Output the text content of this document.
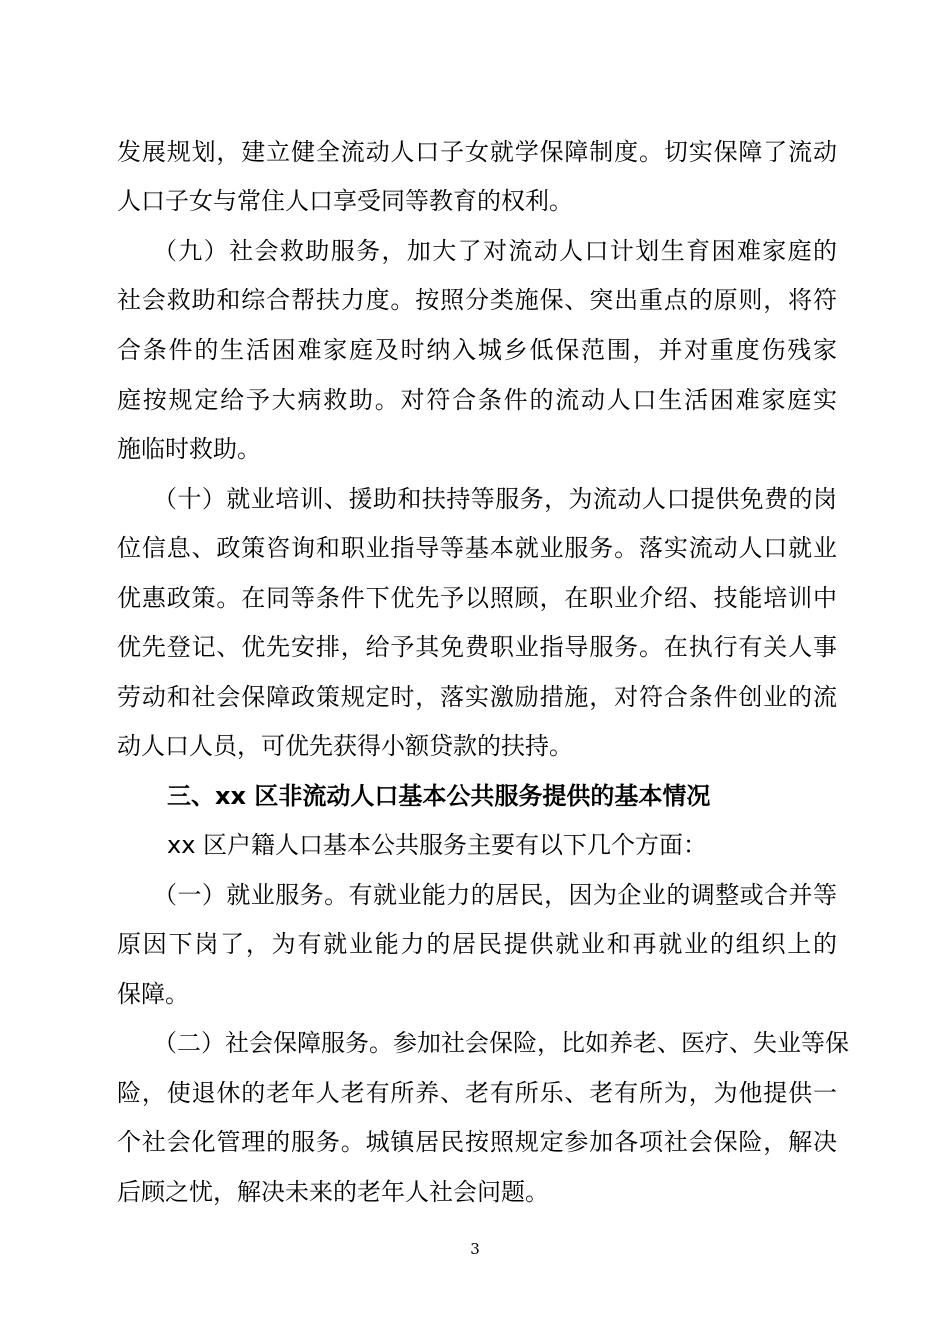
发展规划，建立健全流动人口子女就学保障制度。切实保障了流动
人口子女与常住人口享受同等教育的权利。
（九）社会救助服务，加大了对流动人口计划生育困难家庭的
社会救助和综合帮扶力度。按照分类施保、突出重点的原则，将符
合条件的生活困难家庭及时纳入城乡低保范围，并对重度伤残家
庭按规定给予大病救助。对符合条件的流动人口生活困难家庭实
施临时救助。
（十）就业培训、援助和扶持等服务，为流动人口提供免费的岗
位信息、政策咨询和职业指导等基本就业服务。落实流动人口就业
优惠政策。在同等条件下优先予以照顾，在职业介绍、技能培训中
优先登记、优先安排，给予其免费职业指导服务。在执行有关人事
劳动和社会保障政策规定时，落实激励措施，对符合条件创业的流
动人口人员，可优先获得小额贷款的扶持。
三、xx 区非流动人口基本公共服务提供的基本情况
xx 区户籍人口基本公共服务主要有以下几个方面：
（一）就业服务。有就业能力的居民，因为企业的调整或合并等
原因下岗了，为有就业能力的居民提供就业和再就业的组织上的
保障。
（二）社会保障服务。参加社会保险，比如养老、医疗、失业等保
险，使退休的老年人老有所养、老有所乐、老有所为，为他提供一
个社会化管理的服务。城镇居民按照规定参加各项社会保险，解决
后顾之忧，解决未来的老年人社会问题。
3
